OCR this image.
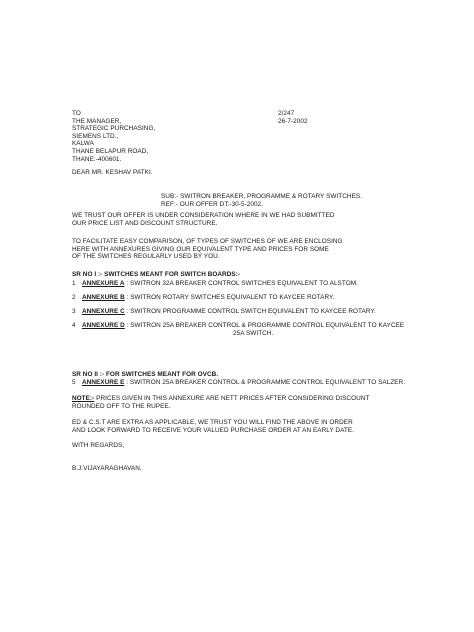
TO
THE MANAGER,
STRATEGIC PURCHASING,
SIEMENS LTD.,
KALWA
THANE BELAPUR ROAD,
THANE:-400601.
2/247
26-7-2002
DEAR MR. KESHAV PATKI.
SUB:- SWITRON BREAKER, PROGRAMME & ROTARY SWITCHES.
REF:- OUR OFFER DT:-30-5-2002.
WE TRUST OUR OFFER IS UNDER CONSIDERATION WHERE IN WE HAD SUBMITTED
OUR PRICE LIST AND DISCOUNT STRUCTURE.
TO FACILITATE EASY COMPARISON, OF TYPES OF SWITCHES OF WE ARE ENCLOSING
HERE WITH ANNEXURES GIVING OUR EQUIVALENT TYPE AND PRICES FOR SOME
OF THE SWITCHES REGULARLY USED BY YOU.
SR NO I :- SWITCHES MEANT FOR SWITCH BOARDS:-
1 ANNEXURE A : SWITRON 32A BREAKER CONTROL SWITCHES EQUIVALENT TO ALSTOM.
2 ANNEXURE B : SWITRON ROTARY SWITCHES EQUIVALENT TO KAYCEE ROTARY.
3 ANNEXURE C : SWITRON PROGRAMME CONTROL SWITCH EQUIVALENT TO KAYCEE ROTARY.
4 ANNEXURE D : SWITRON 25A BREAKER CONTROL & PROGRAMME CONTROL EQUIVALENT TO KAYCEE
25A SWITCH.
SR NO II :- FOR SWITCHES MEANT FOR OVCB.
5 ANNEXURE E : SWITRON 25A BREAKER CONTROL & PROGRAMME CONTROL EQUIVALENT TO SALZER.
NOTE:- PRICES GIVEN IN THIS ANNEXURE ARE NETT PRICES AFTER CONSIDERING DISCOUNT
ROUNDED OFF TO THE RUPEE.
ED & C.S.T ARE EXTRA AS APPLICABLE, WE TRUST YOU WILL FIND THE ABOVE IN ORDER
AND LOOK FORWARD TO RECEIVE YOUR VALUED PURCHASE ORDER AT AN EARLY DATE.
WITH REGARDS,
B.J.VIJAYARAGHAVAN.
